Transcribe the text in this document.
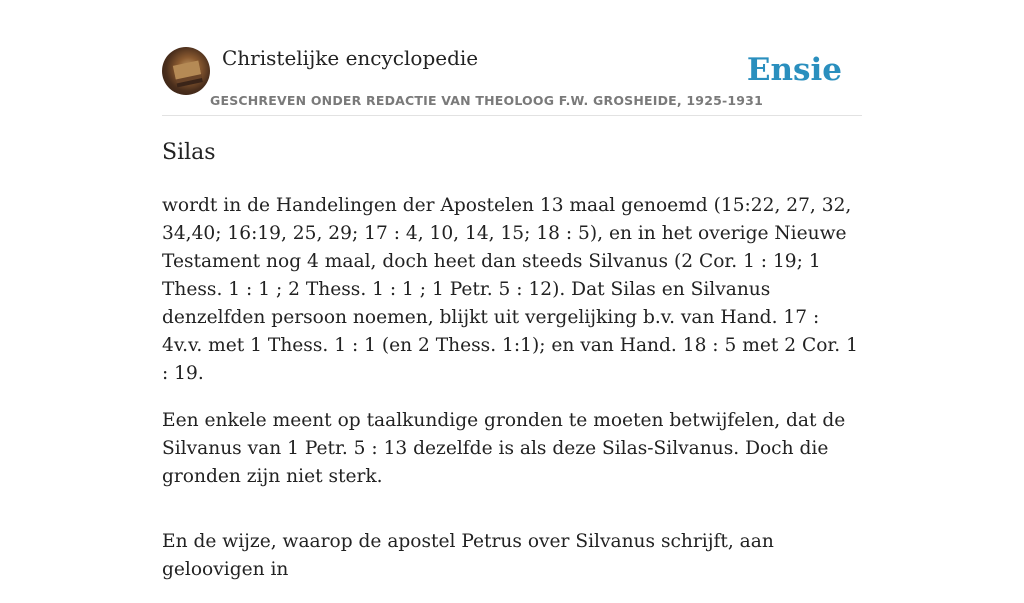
Christelijke encyclopedie
GESCHREVEN ONDER REDACTIE VAN THEOLOOG F.W. GROSHEIDE, 1925-1931
Ensie
Silas

wordt in de Handelingen der Apostelen 13 maal genoemd (15:22, 27, 32, 34,40; 16:19, 25, 29; 17 : 4, 10, 14, 15; 18 : 5), en in het overige Nieuwe Testament nog 4 maal, doch heet dan steeds Silvanus (2 Cor. 1 : 19; 1 Thess. 1 : 1 ; 2 Thess. 1 : 1 ; 1 Petr. 5 : 12). Dat Silas en Silvanus denzelfden persoon noemen, blijkt uit vergelijking b.v. van Hand. 17 : 4v.v. met 1 Thess. 1 : 1 (en 2 Thess. 1:1); en van Hand. 18 : 5 met 2 Cor. 1 : 19.

Een enkele meent op taalkundige gronden te moeten betwijfelen, dat de Silvanus van 1 Petr. 5 : 13 dezelfde is als deze Silas-Silvanus. Doch die gronden zijn niet sterk.

En de wijze, waarop de apostel Petrus over Silvanus schrijft, aan geloovigen in
